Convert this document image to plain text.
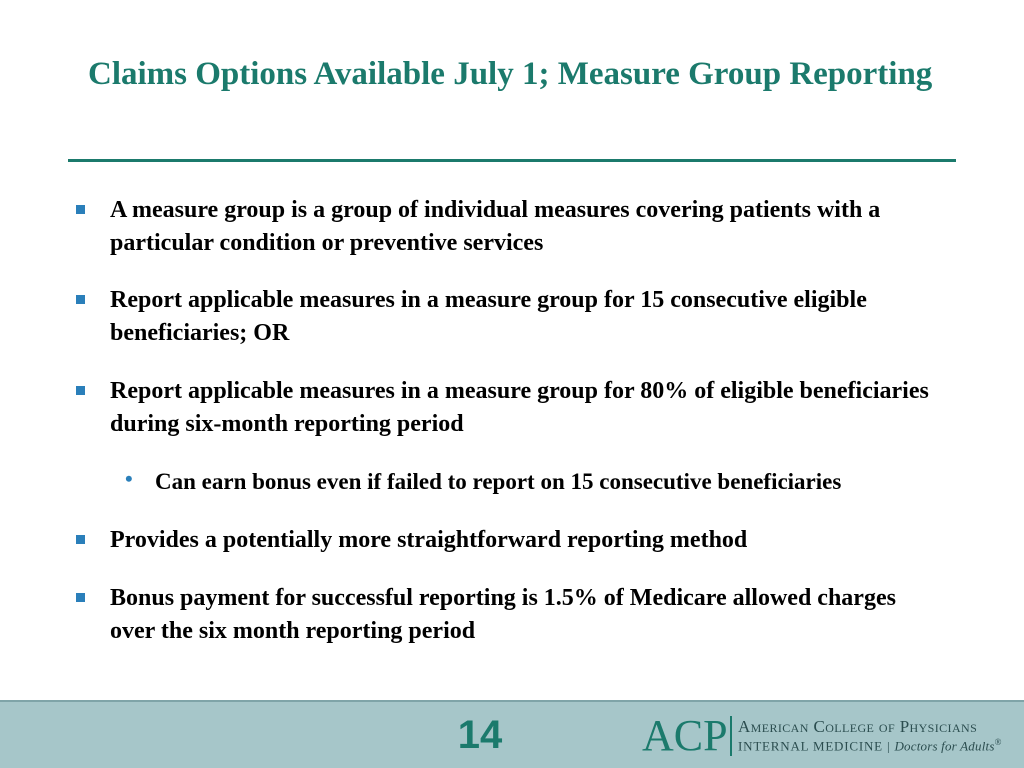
Claims Options Available July 1; Measure Group Reporting
A measure group is a group of individual measures covering patients with a particular condition or preventive services
Report applicable measures in a measure group for 15 consecutive eligible beneficiaries; OR
Report applicable measures in a measure group for 80% of eligible beneficiaries during six-month reporting period
• Can earn bonus even if failed to report on 15 consecutive beneficiaries
Provides a potentially more straightforward reporting method
Bonus payment for successful reporting is 1.5% of Medicare allowed charges over the six month reporting period
14	ACP American College of Physicians
INTERNAL MEDICINE | Doctors for Adults®
